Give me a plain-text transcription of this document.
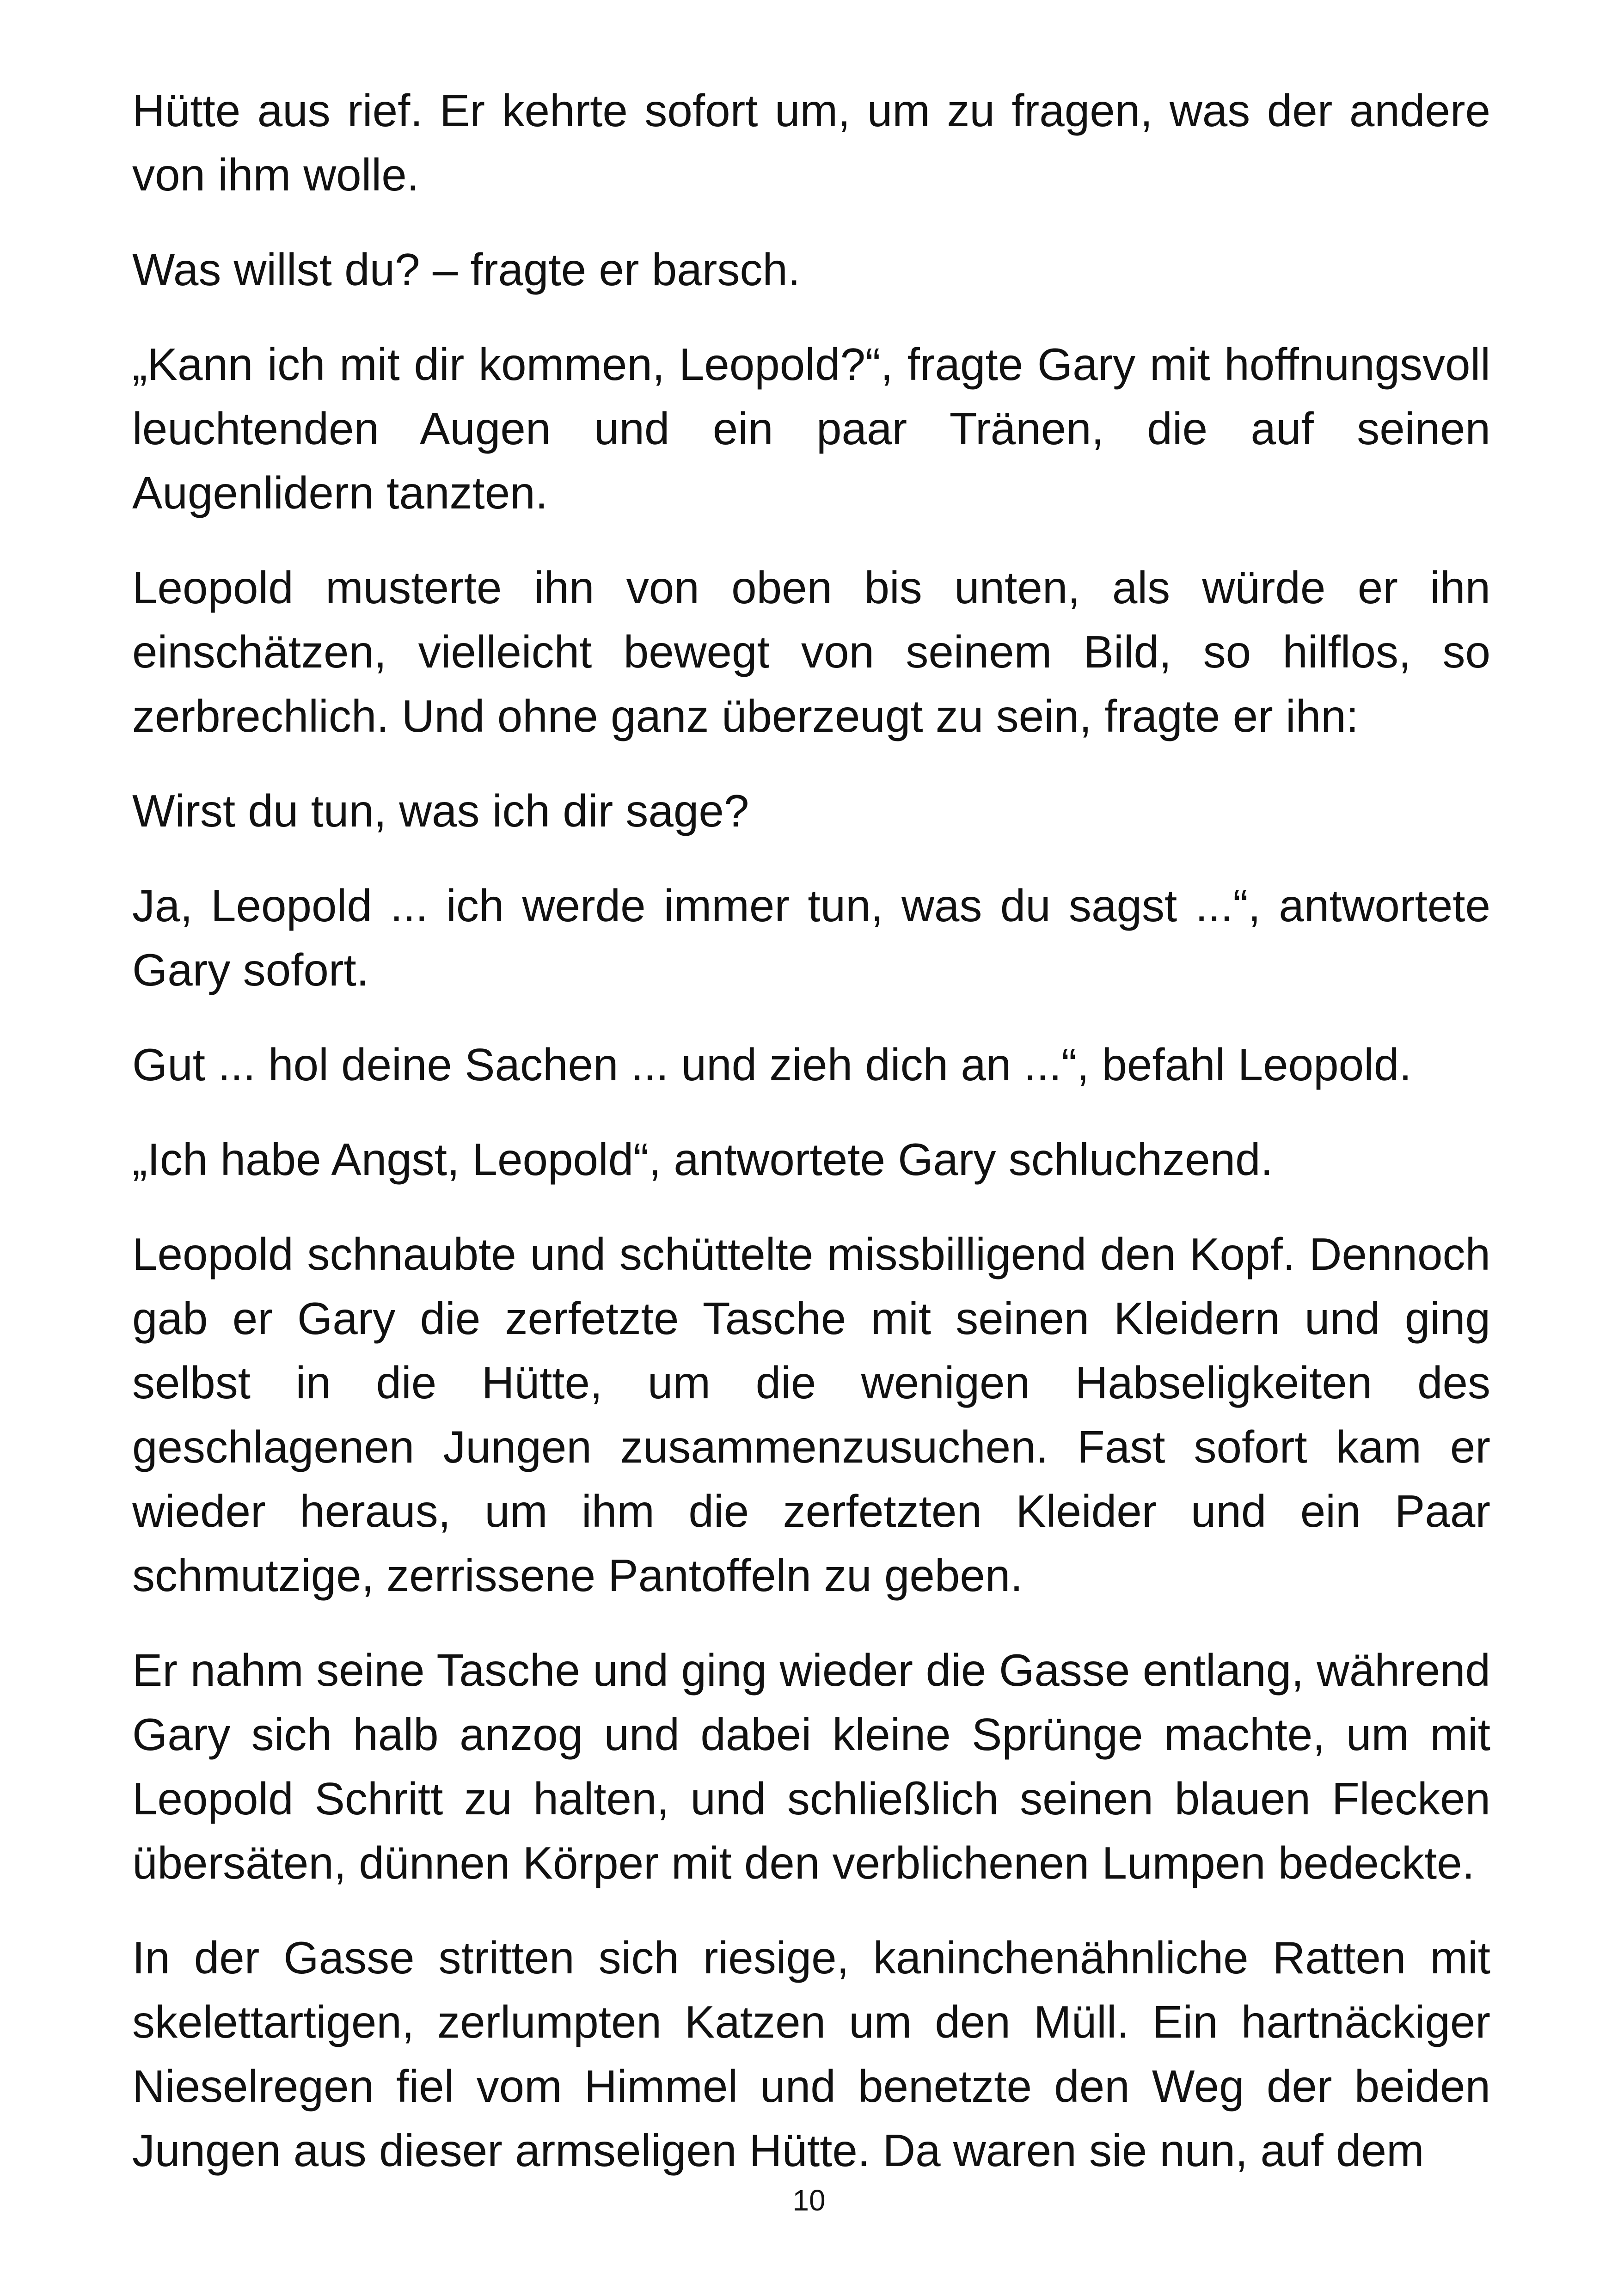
Hütte aus rief. Er kehrte sofort um, um zu fragen, was der andere von ihm wolle.

Was willst du? – fragte er barsch.

„Kann ich mit dir kommen, Leopold?“, fragte Gary mit hoffnungsvoll leuchtenden Augen und ein paar Tränen, die auf seinen Augenlidern tanzten.

Leopold musterte ihn von oben bis unten, als würde er ihn einschätzen, vielleicht bewegt von seinem Bild, so hilflos, so zerbrechlich. Und ohne ganz überzeugt zu sein, fragte er ihn:

Wirst du tun, was ich dir sage?

Ja, Leopold ... ich werde immer tun, was du sagst ...“, antwortete Gary sofort.

Gut ... hol deine Sachen ... und zieh dich an ...“, befahl Leopold.

„Ich habe Angst, Leopold“, antwortete Gary schluchzend.

Leopold schnaubte und schüttelte missbilligend den Kopf. Dennoch gab er Gary die zerfetzte Tasche mit seinen Kleidern und ging selbst in die Hütte, um die wenigen Habseligkeiten des geschlagenen Jungen zusammenzusuchen. Fast sofort kam er wieder heraus, um ihm die zerfetzten Kleider und ein Paar schmutzige, zerrissene Pantoffeln zu geben.

Er nahm seine Tasche und ging wieder die Gasse entlang, während Gary sich halb anzog und dabei kleine Sprünge machte, um mit Leopold Schritt zu halten, und schließlich seinen blauen Flecken übersäten, dünnen Körper mit den verblichenen Lumpen bedeckte.

In der Gasse stritten sich riesige, kaninchenähnliche Ratten mit skelettartigen, zerlumpten Katzen um den Müll. Ein hartnäckiger Nieselregen fiel vom Himmel und benetzte den Weg der beiden Jungen aus dieser armseligen Hütte. Da waren sie nun, auf dem

10
